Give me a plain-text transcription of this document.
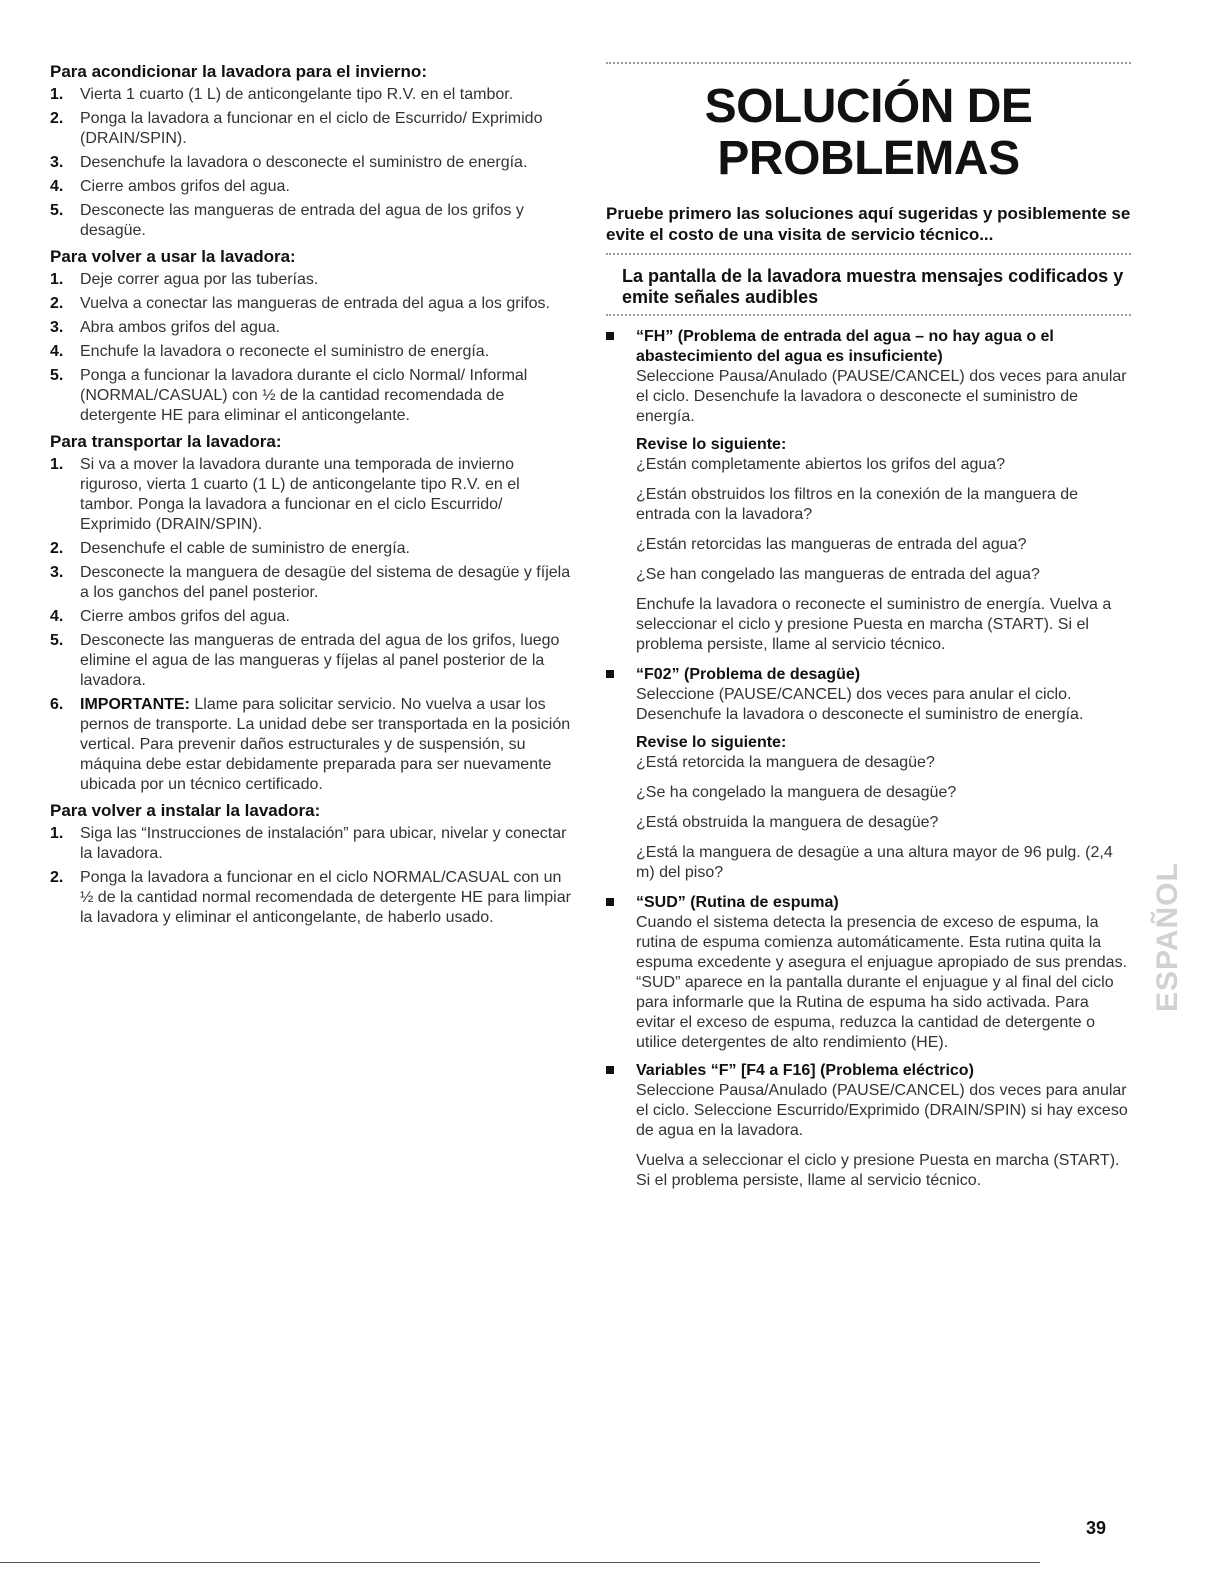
Para acondicionar la lavadora para el invierno:
1. Vierta 1 cuarto (1 L) de anticongelante tipo R.V. en el tambor.
2. Ponga la lavadora a funcionar en el ciclo de Escurrido/ Exprimido (DRAIN/SPIN).
3. Desenchufe la lavadora o desconecte el suministro de energía.
4. Cierre ambos grifos del agua.
5. Desconecte las mangueras de entrada del agua de los grifos y desagüe.
Para volver a usar la lavadora:
1. Deje correr agua por las tuberías.
2. Vuelva a conectar las mangueras de entrada del agua a los grifos.
3. Abra ambos grifos del agua.
4. Enchufe la lavadora o reconecte el suministro de energía.
5. Ponga a funcionar la lavadora durante el ciclo Normal/ Informal (NORMAL/CASUAL) con ½ de la cantidad recomendada de detergente HE para eliminar el anticongelante.
Para transportar la lavadora:
1. Si va a mover la lavadora durante una temporada de invierno riguroso, vierta 1 cuarto (1 L) de anticongelante tipo R.V. en el tambor. Ponga la lavadora a funcionar en el ciclo Escurrido/ Exprimido (DRAIN/SPIN).
2. Desenchufe el cable de suministro de energía.
3. Desconecte la manguera de desagüe del sistema de desagüe y fíjela a los ganchos del panel posterior.
4. Cierre ambos grifos del agua.
5. Desconecte las mangueras de entrada del agua de los grifos, luego elimine el agua de las mangueras y fíjelas al panel posterior de la lavadora.
6. IMPORTANTE: Llame para solicitar servicio. No vuelva a usar los pernos de transporte. La unidad debe ser transportada en la posición vertical. Para prevenir daños estructurales y de suspensión, su máquina debe estar debidamente preparada para ser nuevamente ubicada por un técnico certificado.
Para volver a instalar la lavadora:
1. Siga las “Instrucciones de instalación” para ubicar, nivelar y conectar la lavadora.
2. Ponga la lavadora a funcionar en el ciclo NORMAL/CASUAL con un ½ de la cantidad normal recomendada de detergente HE para limpiar la lavadora y eliminar el anticongelante, de haberlo usado.
SOLUCIÓN DE
PROBLEMAS
Pruebe primero las soluciones aquí sugeridas y posiblemente se evite el costo de una visita de servicio técnico...
La pantalla de la lavadora muestra mensajes codificados y emite señales audibles
“FH” (Problema de entrada del agua – no hay agua o el abastecimiento del agua es insuficiente)
Seleccione Pausa/Anulado (PAUSE/CANCEL) dos veces para anular el ciclo. Desenchufe la lavadora o desconecte el suministro de energía.
Revise lo siguiente:
¿Están completamente abiertos los grifos del agua?
¿Están obstruidos los filtros en la conexión de la manguera de entrada con la lavadora?
¿Están retorcidas las mangueras de entrada del agua?
¿Se han congelado las mangueras de entrada del agua?
Enchufe la lavadora o reconecte el suministro de energía. Vuelva a seleccionar el ciclo y presione Puesta en marcha (START). Si el problema persiste, llame al servicio técnico.
“F02” (Problema de desagüe)
Seleccione (PAUSE/CANCEL) dos veces para anular el ciclo. Desenchufe la lavadora o desconecte el suministro de energía.
Revise lo siguiente:
¿Está retorcida la manguera de desagüe?
¿Se ha congelado la manguera de desagüe?
¿Está obstruida la manguera de desagüe?
¿Está la manguera de desagüe a una altura mayor de 96 pulg. (2,4 m) del piso?
“SUD” (Rutina de espuma)
Cuando el sistema detecta la presencia de exceso de espuma, la rutina de espuma comienza automáticamente. Esta rutina quita la espuma excedente y asegura el enjuague apropiado de sus prendas. “SUD” aparece en la pantalla durante el enjuague y al final del ciclo para informarle que la Rutina de espuma ha sido activada. Para evitar el exceso de espuma, reduzca la cantidad de detergente o utilice detergentes de alto rendimiento (HE).
Variables “F” [F4 a F16] (Problema eléctrico)
Seleccione Pausa/Anulado (PAUSE/CANCEL) dos veces para anular el ciclo. Seleccione Escurrido/Exprimido (DRAIN/SPIN) si hay exceso de agua en la lavadora.
Vuelva a seleccionar el ciclo y presione Puesta en marcha (START). Si el problema persiste, llame al servicio técnico.
ESPAÑOL
39
